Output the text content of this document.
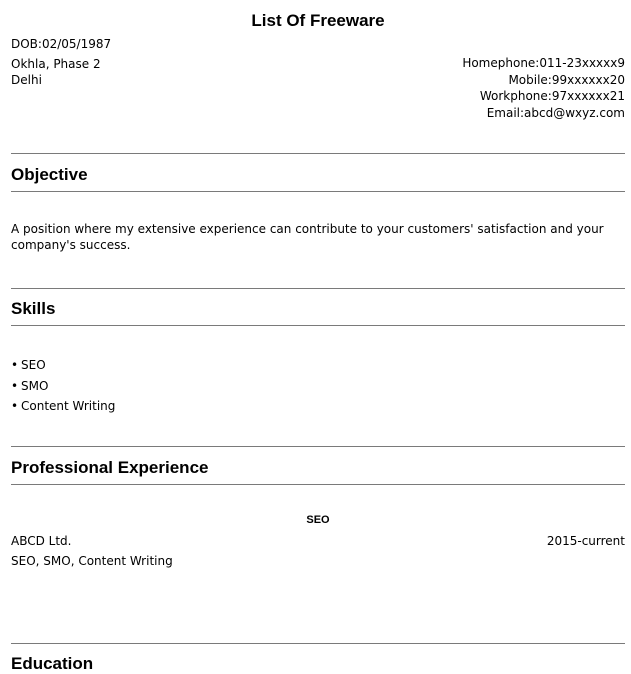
List Of Freeware
DOB:02/05/1987
Okhla, Phase 2
Delhi
Homephone:011-23xxxxx9
Mobile:99xxxxxx20
Workphone:97xxxxxx21
Email:abcd@wxyz.com
Objective
A position where my extensive experience can contribute to your customers' satisfaction and your company's success.
Skills
• SEO
• SMO
• Content Writing
Professional Experience
SEO
ABCD Ltd.	2015-current
SEO, SMO, Content Writing
Education
